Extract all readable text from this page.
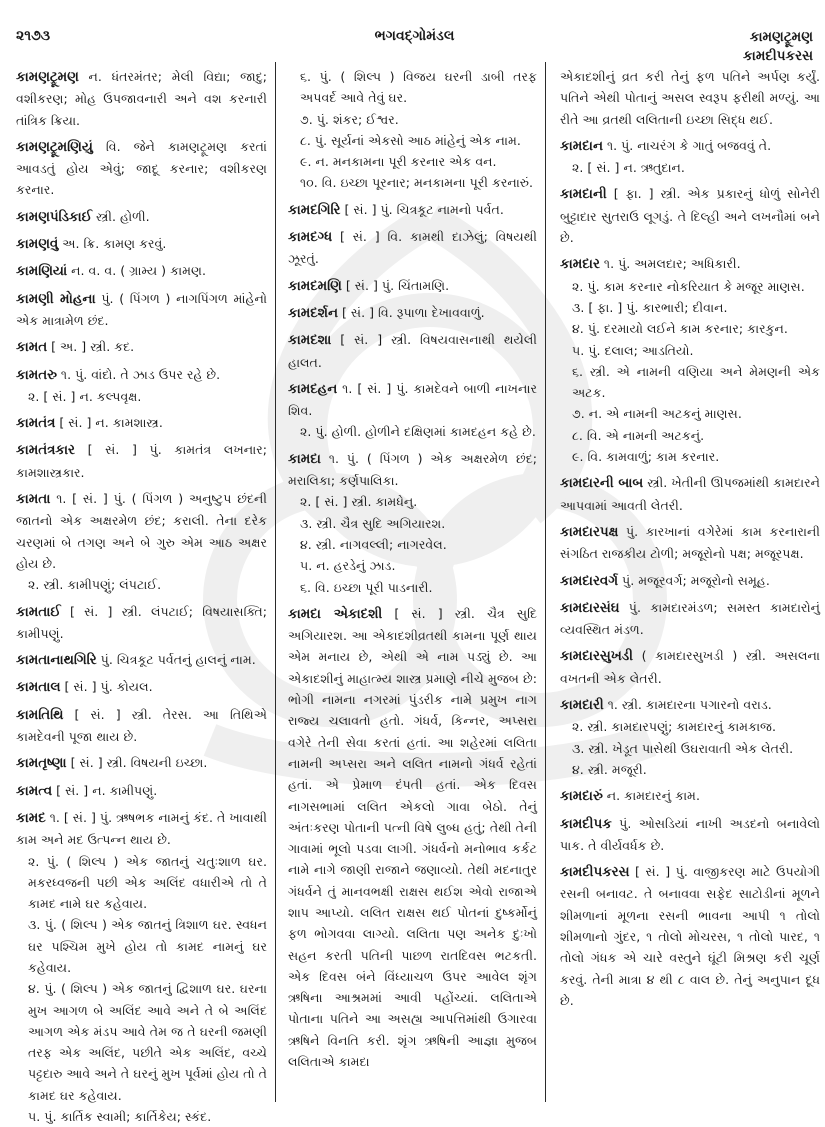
૨૧૭૩	ભગવદ્ગોમંડલ	કામણટ્રૂમણ
કામદીપકરસ
કામણટ્રૂમણ ન. ધંતરમંતર; મેલી વિદ્યા; જાદુ; વશીકરણ; મોહ ઉપજાવનારી અને વશ કરનારી તાંત્રિક ક્રિયા.
કામણટ્રૂમણિયું વિ. જેને કામણટ્રૂમણ કરતાં આવડતું હોય એવું; જાદૂ કરનાર; વશીકરણ કરનાર.
કામણપંડિકાઈ સ્ત્રી. હોળી.
કામણવું અ. ક્રિ. કામણ કરવું.
કામણિયાં ન. વ. વ. ( ગ્રામ્ય ) કામણ.
કામણી મોહના પું. ( પિંગળ ) નાગપિંગળ માંહેનો એક માત્રામેળ છંદ.
કામત [ અ. ] સ્ત્રી. કદ.
કામતરુ ૧. પું. વાંદો. તે ઝાડ ઉપર રહે છે.
૨. [ સં. ] ન. કલ્પવૃક્ષ.
કામતંત્ર [ સં. ] ન. કામશાસ્ત્ર.
કામતંત્રકાર [ સં. ] પું. કામતંત્ર લખનાર; કામશાસ્ત્રકાર.
કામતા ૧. [ સં. ] પું. ( પિંગળ ) અનુષ્ટુપ છંદની જાતનો એક અક્ષરમેળ છંદ; કરાલી. તેના દરેક ચરણમાં બે તગણ અને બે ગુરુ એમ આઠ અક્ષર હોય છે.
૨. સ્ત્રી. કામીપણું; લંપટાઈ.
કામતાઈ [ સં. ] સ્ત્રી. લંપટાઈ; વિષયાસક્તિ; કામીપણું.
કામતાનાથગિરિ પું. ચિત્રકૂટ પર્વતનું હાલનું નામ.
કામતાલ [ સં. ] પું. કોયલ.
કામતિથિ [ સં. ] સ્ત્રી. તેરસ. આ તિથિએ કામદેવની પૂજા થાય છે.
કામતૃષ્ણા [ સં. ] સ્ત્રી. વિષયની ઇચ્છા.
કામત્વ [ સં. ] ન. કામીપણું.
કામદ ૧. [ સં. ] પું. ઋષભક નામનું કંદ. તે ખાવાથી કામ અને મદ ઉત્પન્ન થાય છે.
૨. પું. ( શિલ્પ ) એક જાતનું ચતુઃશાળ ઘર. મકરધ્વજની પછી એક અલિંદ વધારીએ તો તે કામદ નામે ઘર કહેવાય.
૩. પું. ( શિલ્પ ) એક જાતનું ત્રિશાળ ઘર. સ્વધન ઘર પશ્ચિમ મુખે હોય તો કામદ નામનું ઘર કહેવાય.
૪. પું. ( શિલ્પ ) એક જાતનું દ્વિશાળ ઘર. ઘરના મુખ આગળ બે અલિંદ આવે અને તે બે અલિંદ આગળ એક મંડપ આવે તેમ જ તે ઘરની જમણી તરફ એક અલિંદ, પછીતે એક અલિંદ, વચ્ચે પટ્ટદારુ આવે અને તે ઘરનું મુખ પૂર્વમાં હોય તો તે કામદ ઘર કહેવાય.
૫. પું. કાર્તિક સ્વામી; કાર્તિકેય; સ્કંદ.
૬. પું. ( શિલ્પ ) વિજય ઘરની ડાબી તરફ અપવર્દ આવે તેવું ઘર.
૭. પું. શંકર; ઈશ્વર.
૮. પું. સૂર્યનાં એકસો આઠ માંહેનું એક નામ.
૯. ન. મનકામના પૂરી કરનાર એક વન.
૧૦. વિ. ઇચ્છા પૂરનાર; મનકામના પૂરી કરનારું.
કામદગિરિ [ સં. ] પું. ચિત્રકૂટ નામનો પર્વત.
કામદગ્ધ [ સં. ] વિ. કામથી દાઝેલું; વિષયથી ઝૂરતું.
કામદમણિ [ સં. ] પું. ચિંતામણિ.
કામદર્શન [ સં. ] વિ. રૂપાળા દેખાવવાળું.
કામદશા [ સં. ] સ્ત્રી. વિષયવાસનાથી થયેલી હાલત.
કામદહન ૧. [ સં. ] પું. કામદેવને બાળી નાખનાર શિવ.
૨. પું. હોળી. હોળીને દક્ષિણમાં કામદહન કહે છે.
કામદા ૧. પું. ( પિંગળ ) એક અક્ષરમેળ છંદ; મરાલિકા; કર્ણપાલિકા.
૨. [ સં. ] સ્ત્રી. કામધેનુ.
૩. સ્ત્રી. ચૈત્ર સુદિ અગિયારશ.
૪. સ્ત્રી. નાગવલ્લી; નાગરવેલ.
૫. ન. હરડેનું ઝાડ.
૬. વિ. ઇચ્છા પૂરી પાડનારી.
કામદા એકાદશી [ સં. ] સ્ત્રી. ચૈત્ર સુદિ અગિયારશ. આ એકાદશીવ્રતથી કામના પૂર્ણ થાય એમ મનાય છે, એથી એ નામ પડ્યું છે. આ એકાદશીનું માહાત્મ્ય શાસ્ત્ર પ્રમાણે નીચે મુજબ છે: ભોગી નામના નગરમાં પુંડરીક નામે પ્રમુખ નાગ રાજ્ય ચલાવતો હતો. ગંધર્વ, કિન્નર, અપ્સરા વગેરે તેની સેવા કરતાં હતાં. આ શહેરમાં લલિતા નામની અપ્સરા અને લલિત નામનો ગંધર્વ રહેતાં હતાં. એ પ્રેમાળ દંપતી હતાં. એક દિવસ નાગસભામાં લલિત એકલો ગાવા બેઠો. તેનું અંતઃકરણ પોતાની પત્ની વિષે લુબ્ધ હતું; તેથી તેની ગાવામાં ભૂલો પડવા લાગી. ગંધર્વનો મનોભાવ કર્કટ નામે નાગે જાણી રાજાને જણાવ્યો. તેથી મદનાતુર ગંધર્વને તું માનવભક્ષી રાક્ષસ થઈશ એવો રાજાએ શાપ આપ્યો. લલિત રાક્ષસ થઈ પોતનાં દુષ્કર્મોનું ફળ ભોગવવા લાગ્યો. લલિતા પણ અનેક દુઃખો સહન કરતી પતિની પાછળ રાતદિવસ ભટકતી. એક દિવસ બંને વિંધ્યાચળ ઉપર આવેલ શૃંગ ઋષિના આશ્રમમાં આવી પહોંચ્યાં. લલિતાએ પોતાના પતિને આ અસહ્ય આપત્તિમાંથી ઉગારવા ઋષિને વિનતિ કરી. શૃંગ ઋષિની આજ્ઞા મુજબ લલિતાએ કામદા
એકાદશીનું વ્રત કરી તેનું ફળ પતિને અર્પણ કર્યું. પતિને એથી પોતાનું અસલ સ્વરૂપ ફરીથી મળ્યું. આ રીતે આ વ્રતથી લલિતાની ઇચ્છા સિદ્ધ થઈ.
કામદાન ૧. પું. નાચરંગ કે ગાતું બજવવું તે.
૨. [ સં. ] ન. ઋતુદાન.
કામદાની [ ફા. ] સ્ત્રી. એક પ્રકારનું ધોળું સોનેરી બુટ્ટાદાર સુતરાઉ લૂગડું. તે દિલ્હી અને લખનૌમાં બને છે.
કામદાર ૧. પું. અમલદાર; અધિકારી.
૨. પું. કામ કરનાર નોકરિયાત કે મજૂર માણસ.
૩. [ ફા. ] પું. કારભારી; દીવાન.
૪. પું. દરમાયો લઈને કામ કરનાર; કારકુન.
૫. પું. દલાલ; આડતિયો.
૬. સ્ત્રી. એ નામની વણિયા અને મેમણની એક અટક.
૭. ન. એ નામની અટકનું માણસ.
૮. વિ. એ નામની અટકનું.
૯. વિ. કામવાળું; કામ કરનાર.
કામદારની બાબ સ્ત્રી. ખેતીની ઊપજમાંથી કામદારને આપવામાં આવતી લેતરી.
કામદારપક્ષ પું. કારખાનાં વગેરેમાં કામ કરનારાની સંગઠિત રાજકીય ટોળી; મજૂરોનો પક્ષ; મજૂરપક્ષ.
કામદારવર્ગ પું. મજૂરવર્ગ; મજૂરોનો સમૂહ.
કામદારસંઘ પું. કામદારમંડળ; સમસ્ત કામદારોનું વ્યવસ્થિત મંડળ.
કામદારસુખડી ( કામદારસુખડી ) સ્ત્રી. અસલના વખતની એક લેતરી.
કામદારી ૧. સ્ત્રી. કામદારના પગારનો વરાડ.
૨. સ્ત્રી. કામદારપણું; કામદારનું કામકાજ.
૩. સ્ત્રી. ખેડૂત પાસેથી ઉઘરાવાતી એક લેતરી.
૪. સ્ત્રી. મજૂરી.
કામદારું ન. કામદારનું કામ.
કામદીપક પું. ઓસડિયાં નાખી અડદનો બનાવેલો પાક. તે વીર્યવર્ધક છે.
કામદીપકરસ [ સં. ] પું. વાજીકરણ માટે ઉપયોગી રસની બનાવટ. તે બનાવવા સફેદ સાટોડીનાં મૂળને શીમળાનાં મૂળના રસની ભાવના આપી ૧ તોલો શીમળાનો ગુંદર, ૧ તોલો મોચરસ, ૧ તોલો પારદ, ૧ તોલો ગંધક એ ચારે વસ્તુને ઘૂંટી મિશ્રણ કરી ચૂર્ણ કરવું. તેની માત્રા ૪ થી ૮ વાલ છે. તેનું અનુપાન દૂધ છે.
